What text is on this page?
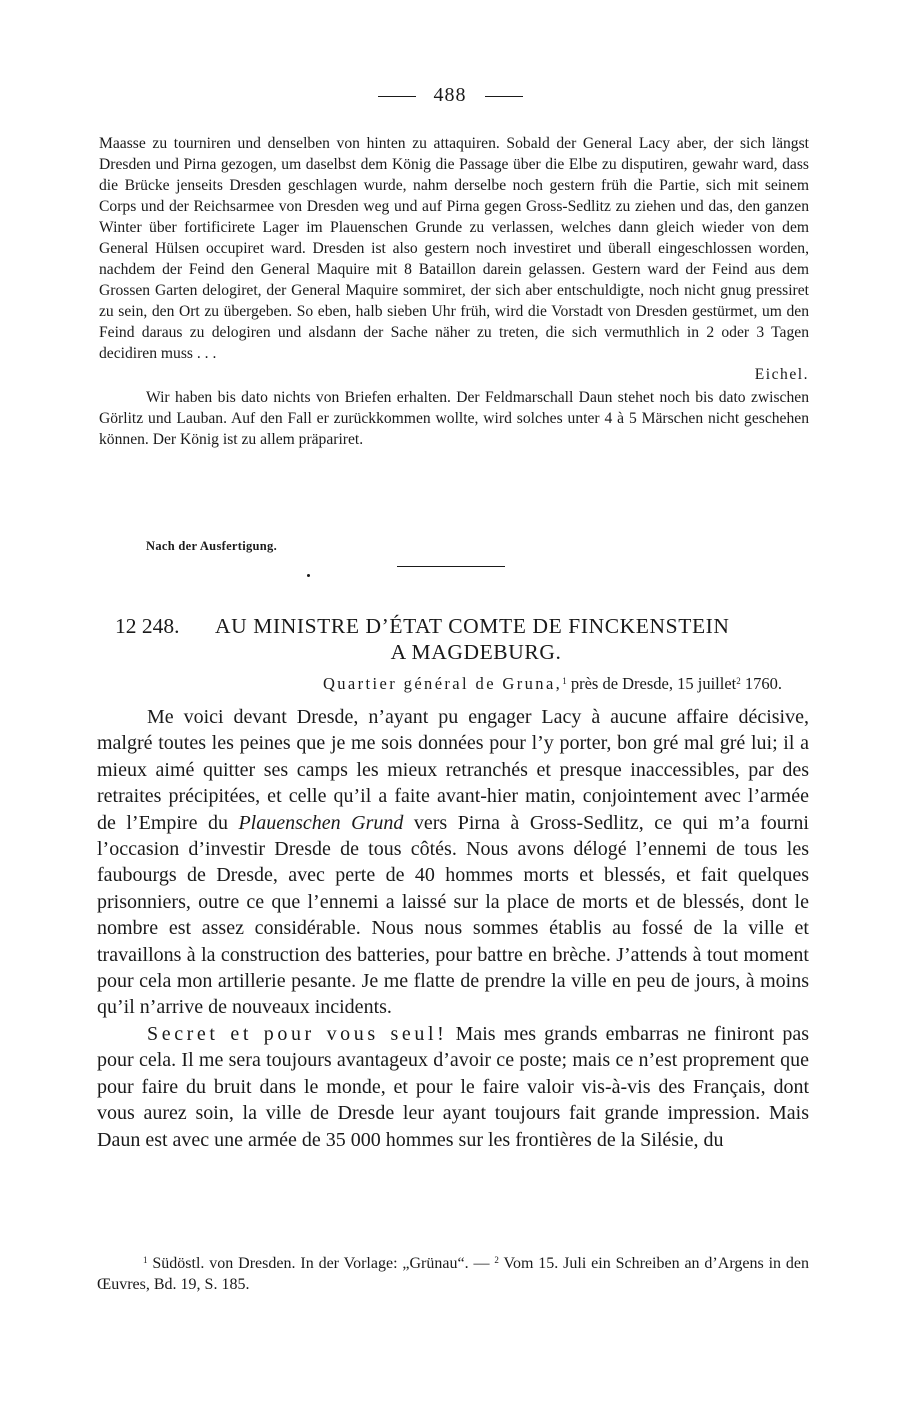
488

Maasse zu tourniren und denselben von hinten zu attaquiren. Sobald der General Lacy aber, der sich längst Dresden und Pirna gezogen, um daselbst dem König die Passage über die Elbe zu disputiren, gewahr ward, dass die Brücke jenseits Dresden geschlagen wurde, nahm derselbe noch gestern früh die Partie, sich mit seinem Corps und der Reichsarmee von Dresden weg und auf Pirna gegen Gross-Sedlitz zu ziehen und das, den ganzen Winter über fortificirete Lager im Plauenschen Grunde zu verlassen, welches dann gleich wieder von dem General Hülsen occupiret ward. Dresden ist also gestern noch investiret und überall eingeschlossen worden, nachdem der Feind den General Maquire mit 8 Bataillon darein gelassen. Gestern ward der Feind aus dem Grossen Garten delogiret, der General Maquire sommiret, der sich aber entschuldigte, noch nicht gnug pressiret zu sein, den Ort zu übergeben. So eben, halb sieben Uhr früh, wird die Vorstadt von Dresden gestürmet, um den Feind daraus zu delogiren und alsdann der Sache näher zu treten, die sich vermuthlich in 2 oder 3 Tagen decidiren muss . . .

Eichel.

Wir haben bis dato nichts von Briefen erhalten. Der Feldmarschall Daun stehet noch bis dato zwischen Görlitz und Lauban. Auf den Fall er zurückkommen wollte, wird solches unter 4 à 5 Märschen nicht geschehen können. Der König ist zu allem präpariret.

Nach der Ausfertigung.
12 248. AU MINISTRE D’ÉTAT COMTE DE FINCKENSTEIN
A MAGDEBURG.
Quartier général de Gruna,$^1$ près de Dresde, 15 juillet$^2$ 1760.

Me voici devant Dresde, n’ayant pu engager Lacy à aucune affaire décisive, malgré toutes les peines que je me sois données pour l’y porter, bon gré mal gré lui; il a mieux aimé quitter ses camps les mieux retranchés et presque inaccessibles, par des retraites précipitées, et celle qu’il a faite avant-hier matin, conjointement avec l’armée de l’Empire du Plauenschen Grund vers Pirna à Gross-Sedlitz, ce qui m’a fourni l’occasion d’investir Dresde de tous côtés. Nous avons délogé l’ennemi de tous les faubourgs de Dresde, avec perte de 40 hommes morts et blessés, et fait quelques prisonniers, outre ce que l’ennemi a laissé sur la place de morts et de blessés, dont le nombre est assez considérable. Nous nous sommes établis au fossé de la ville et travaillons à la construction des batteries, pour battre en brèche. J’attends à tout moment pour cela mon artillerie pesante. Je me flatte de prendre la ville en peu de jours, à moins qu’il n’arrive de nouveaux incidents.

Secret et pour vous seul! Mais mes grands embarras ne finiront pas pour cela. Il me sera toujours avantageux d’avoir ce poste; mais ce n’est proprement que pour faire du bruit dans le monde, et pour le faire valoir vis-à-vis des Français, dont vous aurez soin, la ville de Dresde leur ayant toujours fait grande impression. Mais Daun est avec une armée de 35 000 hommes sur les frontières de la Silésie, du

$^1$ Südöstl. von Dresden. In der Vorlage: „Grünau“. — $^2$ Vom 15. Juli ein Schreiben an d’Argens in den Œuvres, Bd. 19, S. 185.
